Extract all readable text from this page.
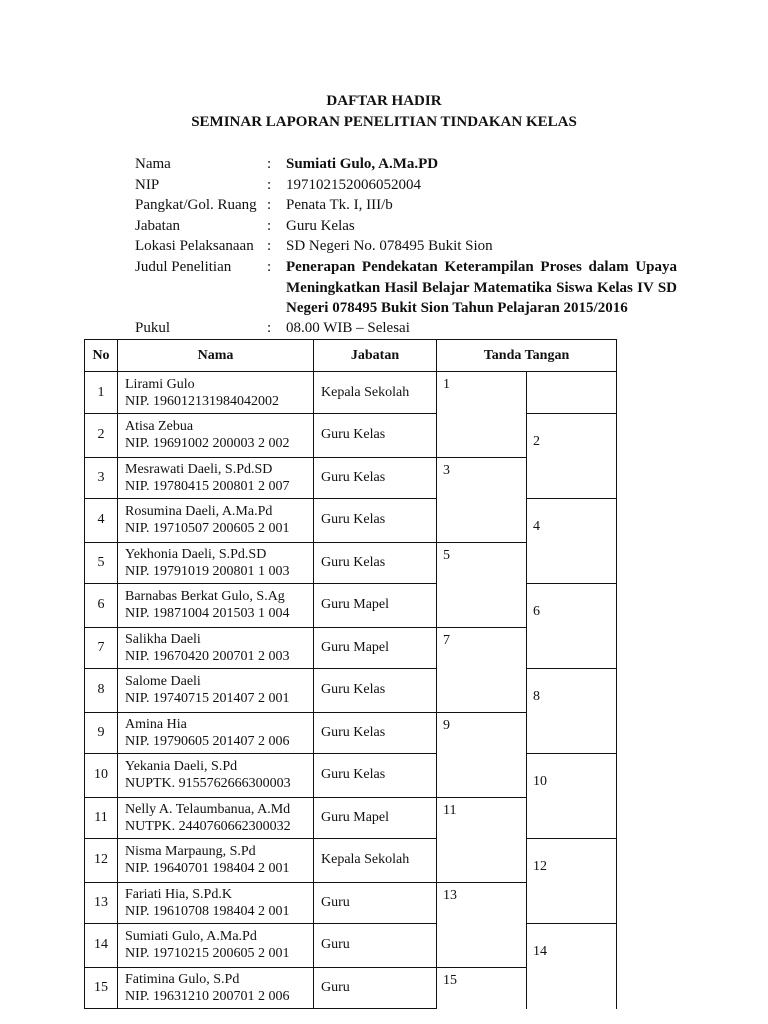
DAFTAR HADIR
SEMINAR LAPORAN PENELITIAN TINDAKAN KELAS
Nama	: Sumiati Gulo, A.Ma.PD
NIP	: 197102152006052004
Pangkat/Gol. Ruang : Penata Tk. I, III/b
Jabatan	: Guru Kelas
Lokasi Pelaksanaan : SD Negeri No. 078495 Bukit Sion
Judul Penelitian : Penerapan Pendekatan Keterampilan Proses dalam Upaya Meningkatkan Hasil Belajar Matematika Siswa Kelas IV SD Negeri 078495 Bukit Sion Tahun Pelajaran 2015/2016
Pukul	: 08.00 WIB – Selesai
No	Nama	Jabatan	Tanda Tangan	
1	Lirami Gulo
NIP. 196012131984042002	Kepala Sekolah	1	
2	Atisa Zebua
NIP. 19691002 200003 2 002	Guru Kelas		2
3	Mesrawati Daeli, S.Pd.SD
NIP. 19780415 200801 2 007	Guru Kelas	3	
4	Rosumina Daeli, A.Ma.Pd
NIP. 19710507 200605 2 001	Guru Kelas		4
5	Yekhonia Daeli, S.Pd.SD
NIP. 19791019 200801 1 003	Guru Kelas	5	
6	Barnabas Berkat Gulo, S.Ag
NIP. 19871004 201503 1 004	Guru Mapel		6
7	Salikha Daeli
NIP. 19670420 200701 2 003	Guru Mapel	7	
8	Salome Daeli
NIP. 19740715 201407 2 001	Guru Kelas		8
9	Amina Hia
NIP. 19790605 201407 2 006	Guru Kelas	9	
10	Yekania Daeli, S.Pd
NUPTK. 9155762666300003	Guru Kelas		10
11	Nelly A. Telaumbanua, A.Md
NUTPK. 2440760662300032	Guru Mapel	11	
12	Nisma Marpaung, S.Pd
NIP. 19640701 198404 2 001	Kepala Sekolah		12
13	Fariati Hia, S.Pd.K
NIP. 19610708 198404 2 001	Guru	13	
14	Sumiati Gulo, A.Ma.Pd
NIP. 19710215 200605 2 001	Guru		14
15	Fatimina Gulo, S.Pd
NIP. 19631210 200701 2 006	Guru	15	
